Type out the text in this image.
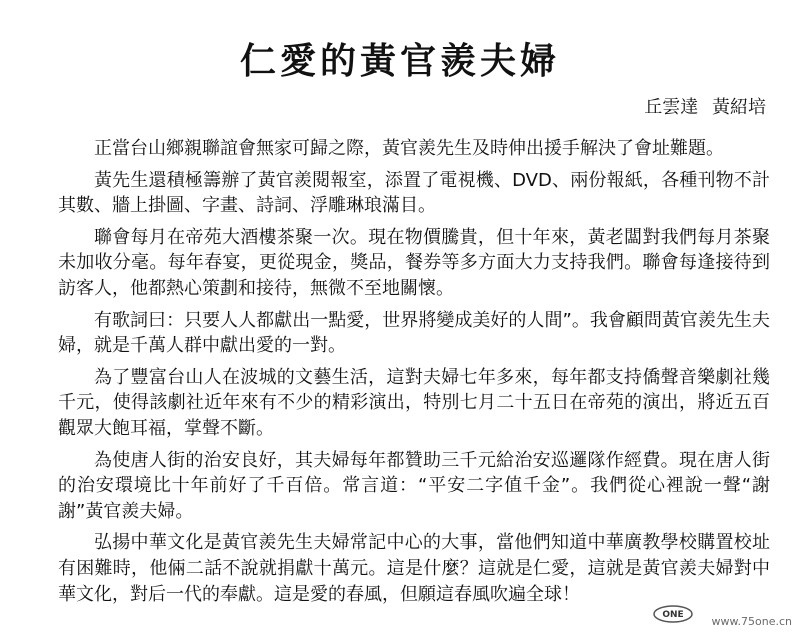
仁愛的黃官羨夫婦

丘雲達 黃紹培

正當台山鄉親聯誼會無家可歸之際，黃官羨先生及時伸出援手解決了會址難題。

黃先生還積極籌辦了黃官羨閱報室，添置了電視機、DVD、兩份報紙，各種刊物不計其數、牆上掛圖、字畫、詩詞、浮雕琳琅滿目。

聯會每月在帝苑大酒樓茶聚一次。現在物價騰貴，但十年來，黃老闆對我們每月茶聚未加收分毫。每年春宴，更從現金，獎品，餐券等多方面大力支持我們。聯會每逢接待到訪客人，他都熱心策劃和接待，無微不至地關懷。

有歌詞曰：只要人人都獻出一點愛，世界將變成美好的人間”。我會顧問黃官羨先生夫婦，就是千萬人群中獻出愛的一對。

為了豐富台山人在波城的文藝生活，這對夫婦七年多來，每年都支持僑聲音樂劇社幾千元，使得該劇社近年來有不少的精彩演出，特別七月二十五日在帝苑的演出，將近五百觀眾大飽耳福，掌聲不斷。

為使唐人街的治安良好，其夫婦每年都贊助三千元給治安巡邏隊作經費。現在唐人街的治安環境比十年前好了千百倍。常言道：“平安二字值千金”。我們從心裡說一聲“謝謝”黃官羨夫婦。

弘揚中華文化是黃官羨先生夫婦常記中心的大事，當他們知道中華廣教學校購置校址有困難時，他倆二話不說就捐獻十萬元。這是什麼？這就是仁愛，這就是黃官羨夫婦對中華文化，對后一代的奉獻。這是愛的春風，但願這春風吹遍全球！

ONE	www.75one.cn
